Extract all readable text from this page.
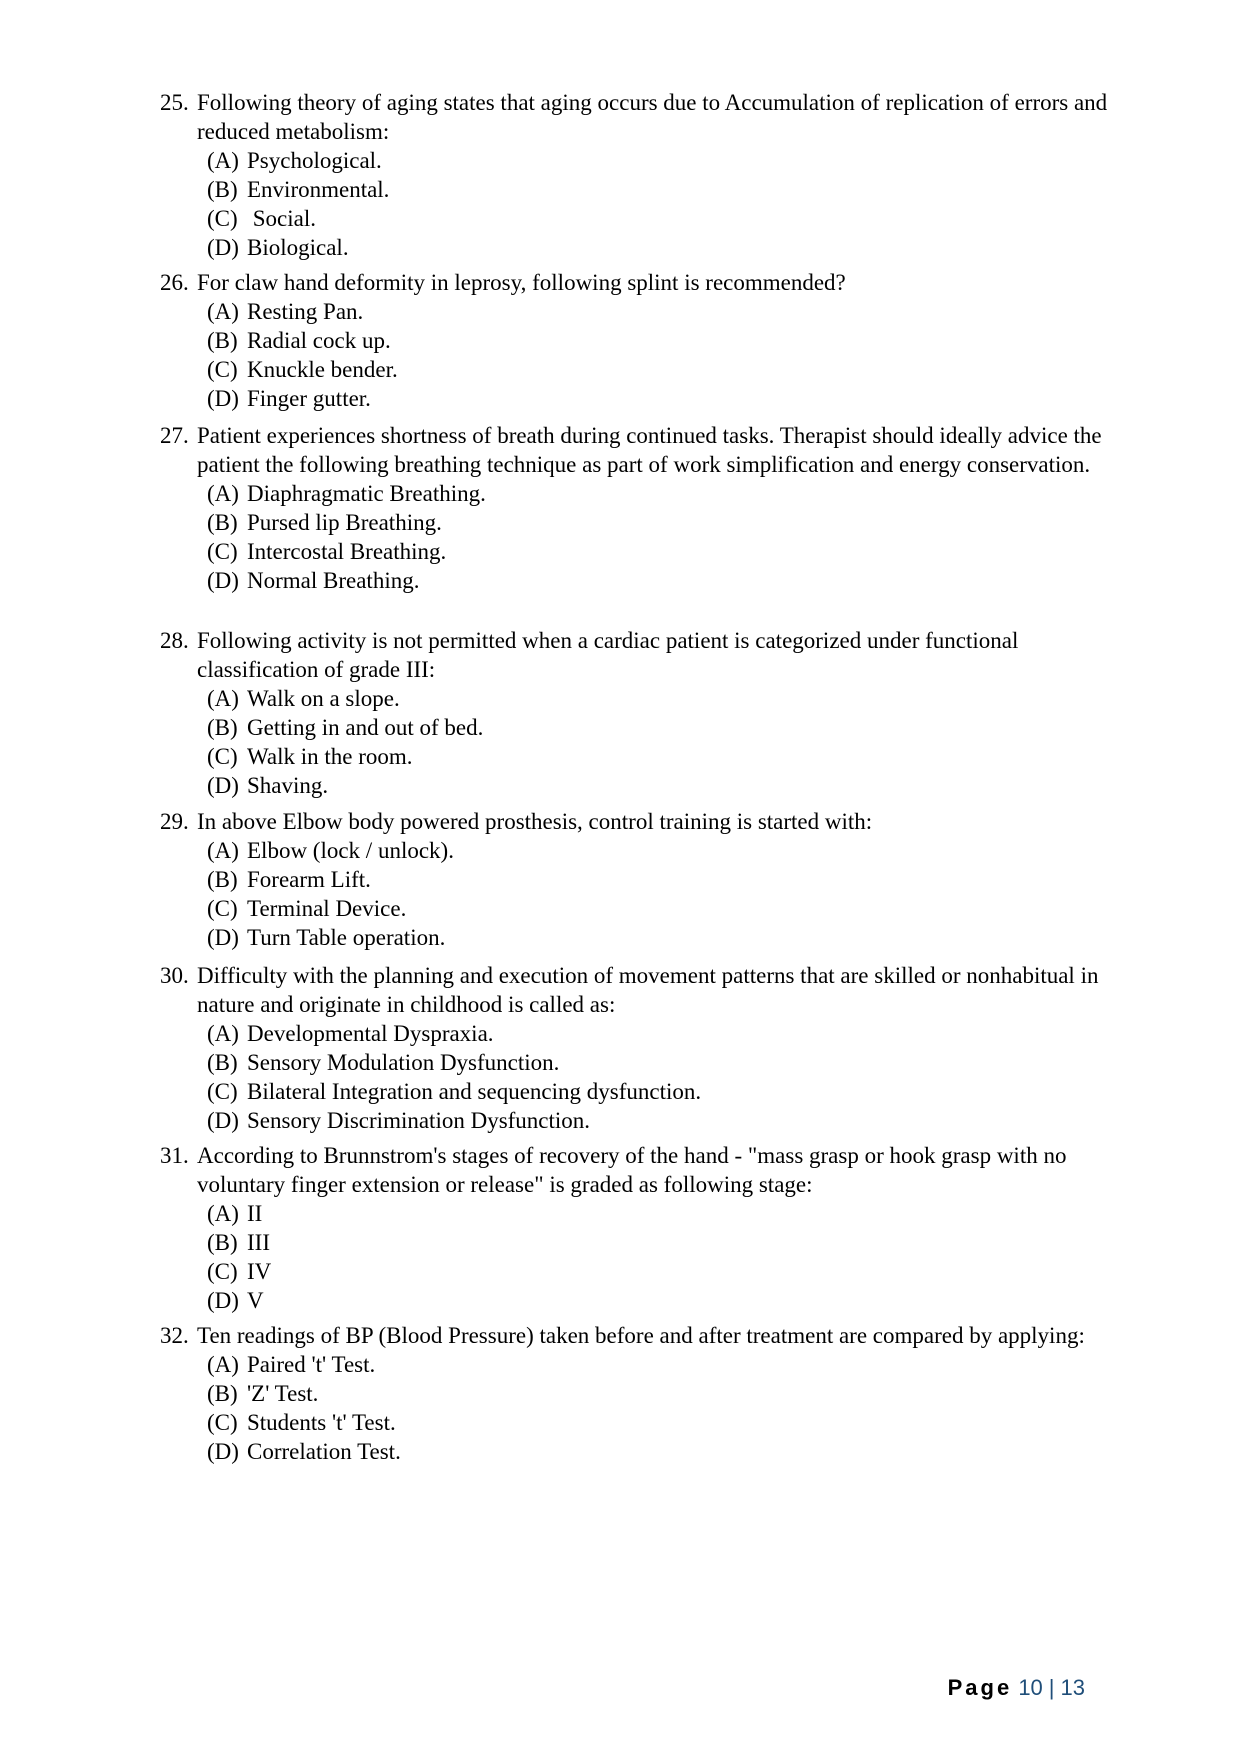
25. Following theory of aging states that aging occurs due to Accumulation of replication of errors and reduced metabolism:
(A) Psychological.
(B) Environmental.
(C) Social.
(D) Biological.
26. For claw hand deformity in leprosy, following splint is recommended?
(A) Resting Pan.
(B) Radial cock up.
(C) Knuckle bender.
(D) Finger gutter.
27. Patient experiences shortness of breath during continued tasks. Therapist should ideally advice the patient the following breathing technique as part of work simplification and energy conservation.
(A) Diaphragmatic Breathing.
(B) Pursed lip Breathing.
(C) Intercostal Breathing.
(D) Normal Breathing.
28. Following activity is not permitted when a cardiac patient is categorized under functional classification of grade III:
(A) Walk on a slope.
(B) Getting in and out of bed.
(C) Walk in the room.
(D) Shaving.
29. In above Elbow body powered prosthesis, control training is started with:
(A) Elbow (lock / unlock).
(B) Forearm Lift.
(C) Terminal Device.
(D) Turn Table operation.
30. Difficulty with the planning and execution of movement patterns that are skilled or nonhabitual in nature and originate in childhood is called as:
(A) Developmental Dyspraxia.
(B) Sensory Modulation Dysfunction.
(C) Bilateral Integration and sequencing dysfunction.
(D) Sensory Discrimination Dysfunction.
31. According to Brunnstrom's stages of recovery of the hand - "mass grasp or hook grasp with no voluntary finger extension or release" is graded as following stage:
(A) II
(B) III
(C) IV
(D) V
32. Ten readings of BP (Blood Pressure) taken before and after treatment are compared by applying:
(A) Paired 't' Test.
(B) 'Z' Test.
(C) Students 't' Test.
(D) Correlation Test.
Page 10 | 13
